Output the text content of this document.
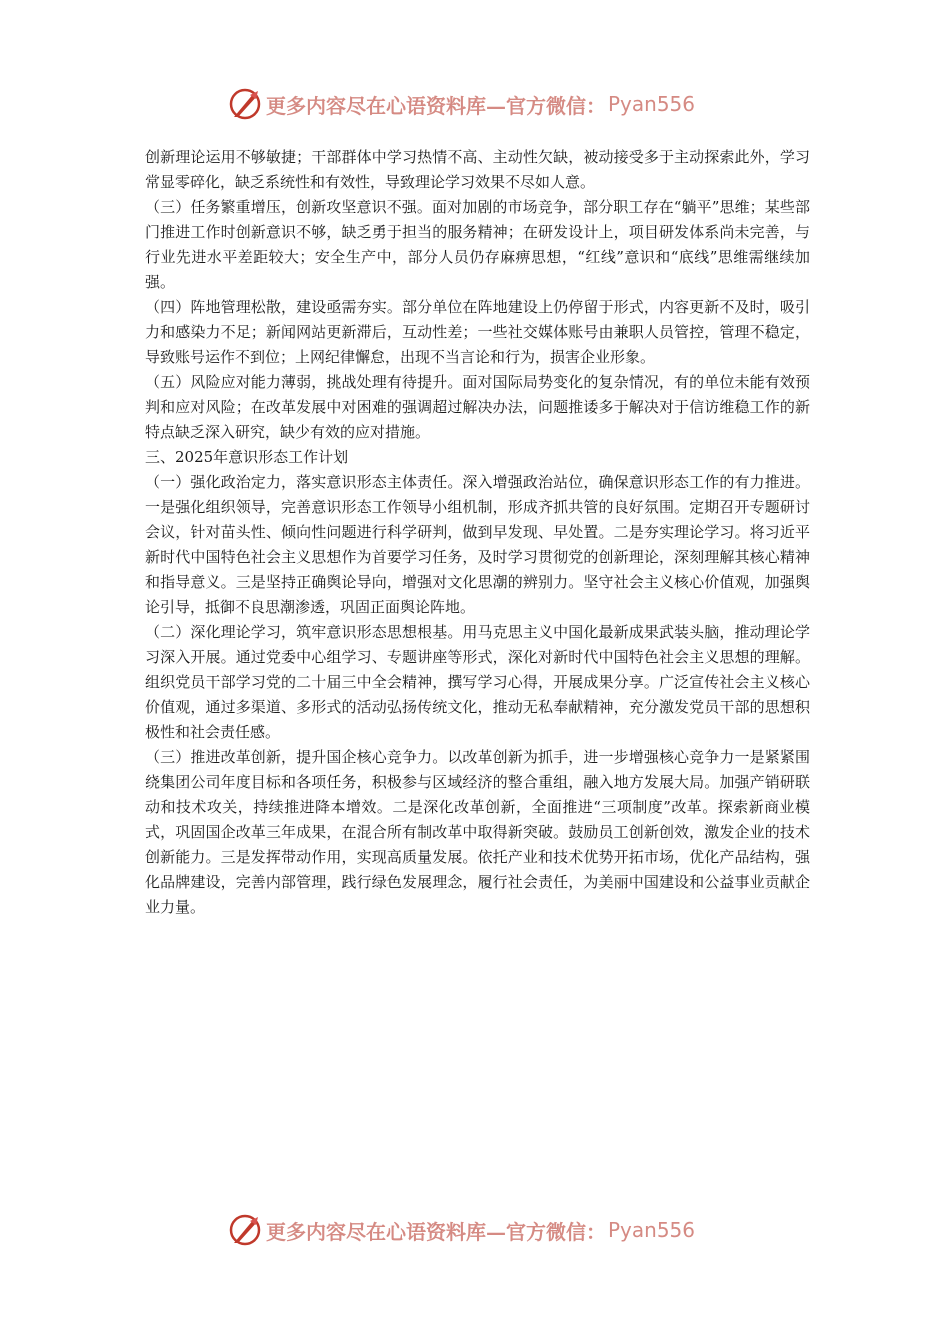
更多内容尽在心语资料库—官方微信： Pyan556

创新理论运用不够敏捷；干部群体中学习热情不高、主动性欠缺，被动接受多于主动探索此外，学习常显零碎化，缺乏系统性和有效性，导致理论学习效果不尽如人意。

（三）任务繁重增压，创新攻坚意识不强。面对加剧的市场竞争，部分职工存在“躺平”思维；某些部门推进工作时创新意识不够，缺乏勇于担当的服务精神；在研发设计上，项目研发体系尚未完善，与行业先进水平差距较大；安全生产中，部分人员仍存麻痹思想，“红线”意识和“底线”思维需继续加强。

（四）阵地管理松散，建设亟需夯实。部分单位在阵地建设上仍停留于形式，内容更新不及时，吸引力和感染力不足；新闻网站更新滞后，互动性差；一些社交媒体账号由兼职人员管控，管理不稳定，导致账号运作不到位；上网纪律懈怠，出现不当言论和行为，损害企业形象。

（五）风险应对能力薄弱，挑战处理有待提升。面对国际局势变化的复杂情况，有的单位未能有效预判和应对风险；在改革发展中对困难的强调超过解决办法，问题推诿多于解决对于信访维稳工作的新特点缺乏深入研究，缺少有效的应对措施。

三、2025年意识形态工作计划

（一）强化政治定力，落实意识形态主体责任。深入增强政治站位，确保意识形态工作的有力推进。一是强化组织领导，完善意识形态工作领导小组机制，形成齐抓共管的良好氛围。定期召开专题研讨会议，针对苗头性、倾向性问题进行科学研判，做到早发现、早处置。二是夯实理论学习。将习近平新时代中国特色社会主义思想作为首要学习任务，及时学习贯彻党的创新理论，深刻理解其核心精神和指导意义。三是坚持正确舆论导向，增强对文化思潮的辨别力。坚守社会主义核心价值观，加强舆论引导，抵御不良思潮渗透，巩固正面舆论阵地。

（二）深化理论学习，筑牢意识形态思想根基。用马克思主义中国化最新成果武装头脑，推动理论学习深入开展。通过党委中心组学习、专题讲座等形式，深化对新时代中国特色社会主义思想的理解。组织党员干部学习党的二十届三中全会精神，撰写学习心得，开展成果分享。广泛宣传社会主义核心价值观，通过多渠道、多形式的活动弘扬传统文化，推动无私奉献精神，充分激发党员干部的思想积极性和社会责任感。

（三）推进改革创新，提升国企核心竞争力。以改革创新为抓手，进一步增强核心竞争力一是紧紧围绕集团公司年度目标和各项任务，积极参与区域经济的整合重组，融入地方发展大局。加强产销研联动和技术攻关，持续推进降本增效。二是深化改革创新，全面推进“三项制度”改革。探索新商业模式，巩固国企改革三年成果，在混合所有制改革中取得新突破。鼓励员工创新创效，激发企业的技术创新能力。三是发挥带动作用，实现高质量发展。依托产业和技术优势开拓市场，优化产品结构，强化品牌建设，完善内部管理，践行绿色发展理念，履行社会责任，为美丽中国建设和公益事业贡献企业力量。

更多内容尽在心语资料库—官方微信： Pyan556
